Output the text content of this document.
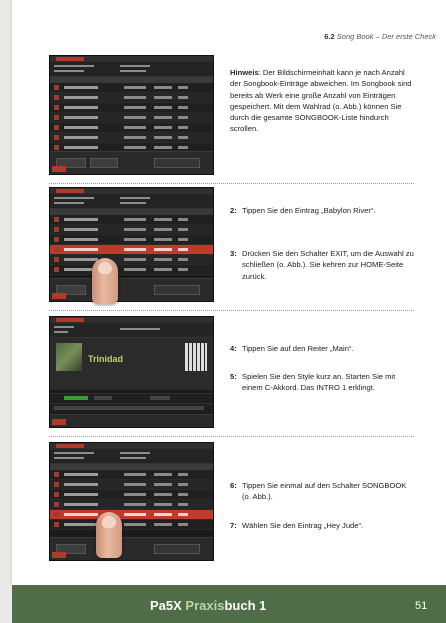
6.2 Song Book – Der erste Check

Hinweis: Der Bildschirmeinhalt kann je nach Anzahl der Songbook-Einträge abweichen. Im Songbook sind bereits ab Werk eine große Anzahl von Einträgen gespeichert. Mit dem Wahlrad (o. Abb.) können Sie durch die gesamte SONGBOOK-Liste hindurch scrollen.

2: Tippen Sie den Eintrag „Babylon River“.
3: Drücken Sie den Schalter EXIT, um die Auswahl zu schließen (o. Abb.). Sie kehren zur HOME-Seite zurück.
Trinidad
4: Tippen Sie auf den Reiter „Main“.
5: Spielen Sie den Style kurz an. Starten Sie mit einem C-Akkord. Das INTRO 1 erklingt.
6: Tippen Sie einmal auf den Schalter SONGBOOK (o. Abb.).
7: Wählen Sie den Eintrag „Hey Jude“.
Pa5X Praxisbuch 1	51
